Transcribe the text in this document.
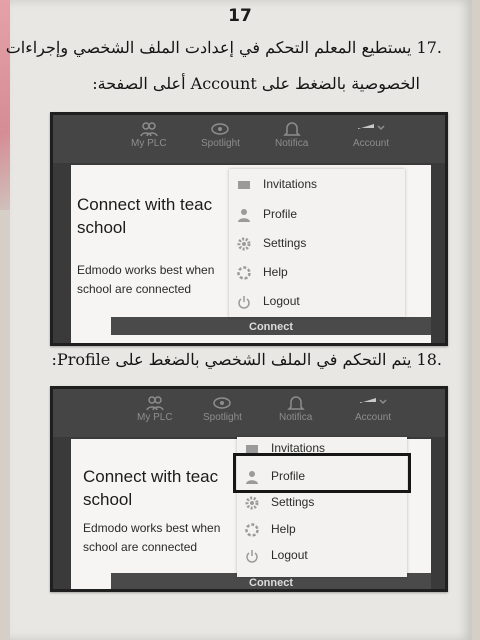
17
.17 يستطيع المعلم التحكم في إعدادت الملف الشخصي وإجراءات
الخصوصية بالضغط على Account أعلى الصفحة:
My PLC	Spotlight	Notifica	Account
Connect with teac school
Edmodo works best when school are connected
Connect
Invitations
Profile
Settings
Help
Logout
.18 يتم التحكم في الملف الشخصي بالضغط على Profile:
My PLC	Spotlight	Notifica	Account
Connect with teac school
Edmodo works best when school are connected
Connect
Invitations
Profile
Settings
Help
Logout
